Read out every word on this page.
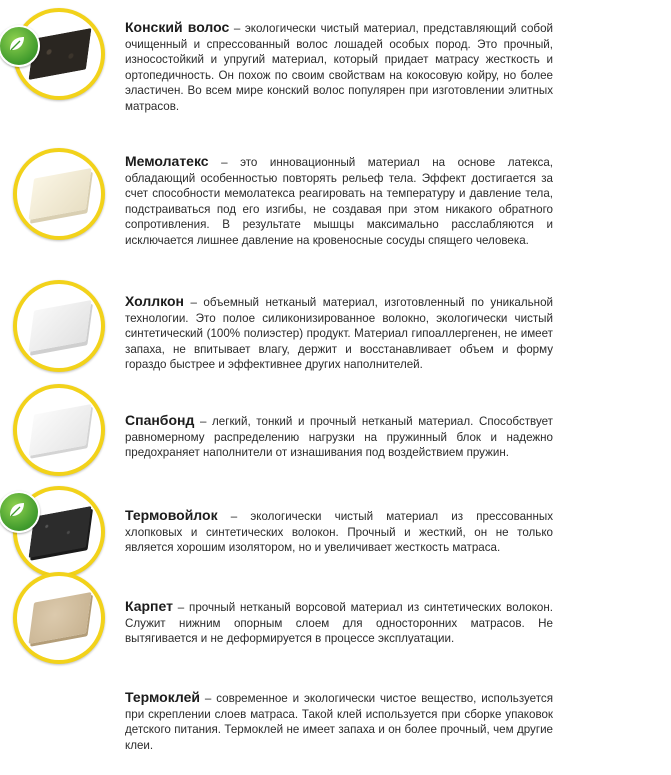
Конский волос – экологически чистый материал, представляющий собой очищенный и спрессованный волос лошадей особых пород. Это прочный, износостойкий и упругий материал, который придает матрасу жесткость и ортопедичность. Он похож по своим свойствам на кокосовую койру, но более эластичен. Во всем мире конский волос популярен при изготовлении элитных матрасов.

Мемолатекс – это инновационный материал на основе латекса, обладающий особенностью повторять рельеф тела. Эффект достигается за счет способности мемолатекса реагировать на температуру и давление тела, подстраиваться под его изгибы, не создавая при этом никакого обратного сопротивления. В результате мышцы максимально расслабляются и исключается лишнее давление на кровеносные сосуды спящего человека.

Холлкон – объемный нетканый материал, изготовленный по уникальной технологии. Это полое силиконизированное волокно, экологически чистый синтетический (100% полиэстер) продукт. Материал гипоаллергенен, не имеет запаха, не впитывает влагу, держит и восстанавливает объем и форму гораздо быстрее и эффективнее других наполнителей.

Спанбонд – легкий, тонкий и прочный нетканый материал. Способствует равномерному распределению нагрузки на пружинный блок и надежно предохраняет наполнители от изнашивания под воздействием пружин.

Термовойлок – экологически чистый материал из прессованных хлопковых и синтетических волокон. Прочный и жесткий, он не только является хорошим изолятором, но и увеличивает жесткость матраса.

Карпет – прочный нетканый ворсовой материал из синтетических волокон. Служит нижним опорным слоем для односторонних матрасов. Не вытягивается и не деформируется в процессе эксплуатации.

Термоклей – современное и экологически чистое вещество, используется при скреплении слоев матраса. Такой клей используется при сборке упаковок детского питания. Термоклей не имеет запаха и он более прочный, чем другие клеи.
